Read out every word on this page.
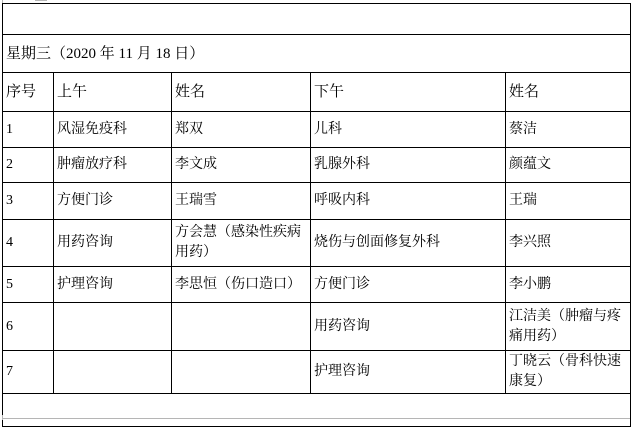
星期三（2020 年 11 月 18 日）				
序号	上午	姓名	下午	姓名
1	风湿免疫科	郑双	儿科	蔡洁
2	肿瘤放疗科	李文成	乳腺外科	颜蕴文
3	方便门诊	王瑞雪	呼吸内科	王瑞
4	用药咨询	方会慧（感染性疾病用药）	烧伤与创面修复外科	李兴照
5	护理咨询	李思恒（伤口造口）	方便门诊	李小鹏
6			用药咨询	江洁美（肿瘤与疼痛用药）
7			护理咨询	丁晓云（骨科快速康复）
